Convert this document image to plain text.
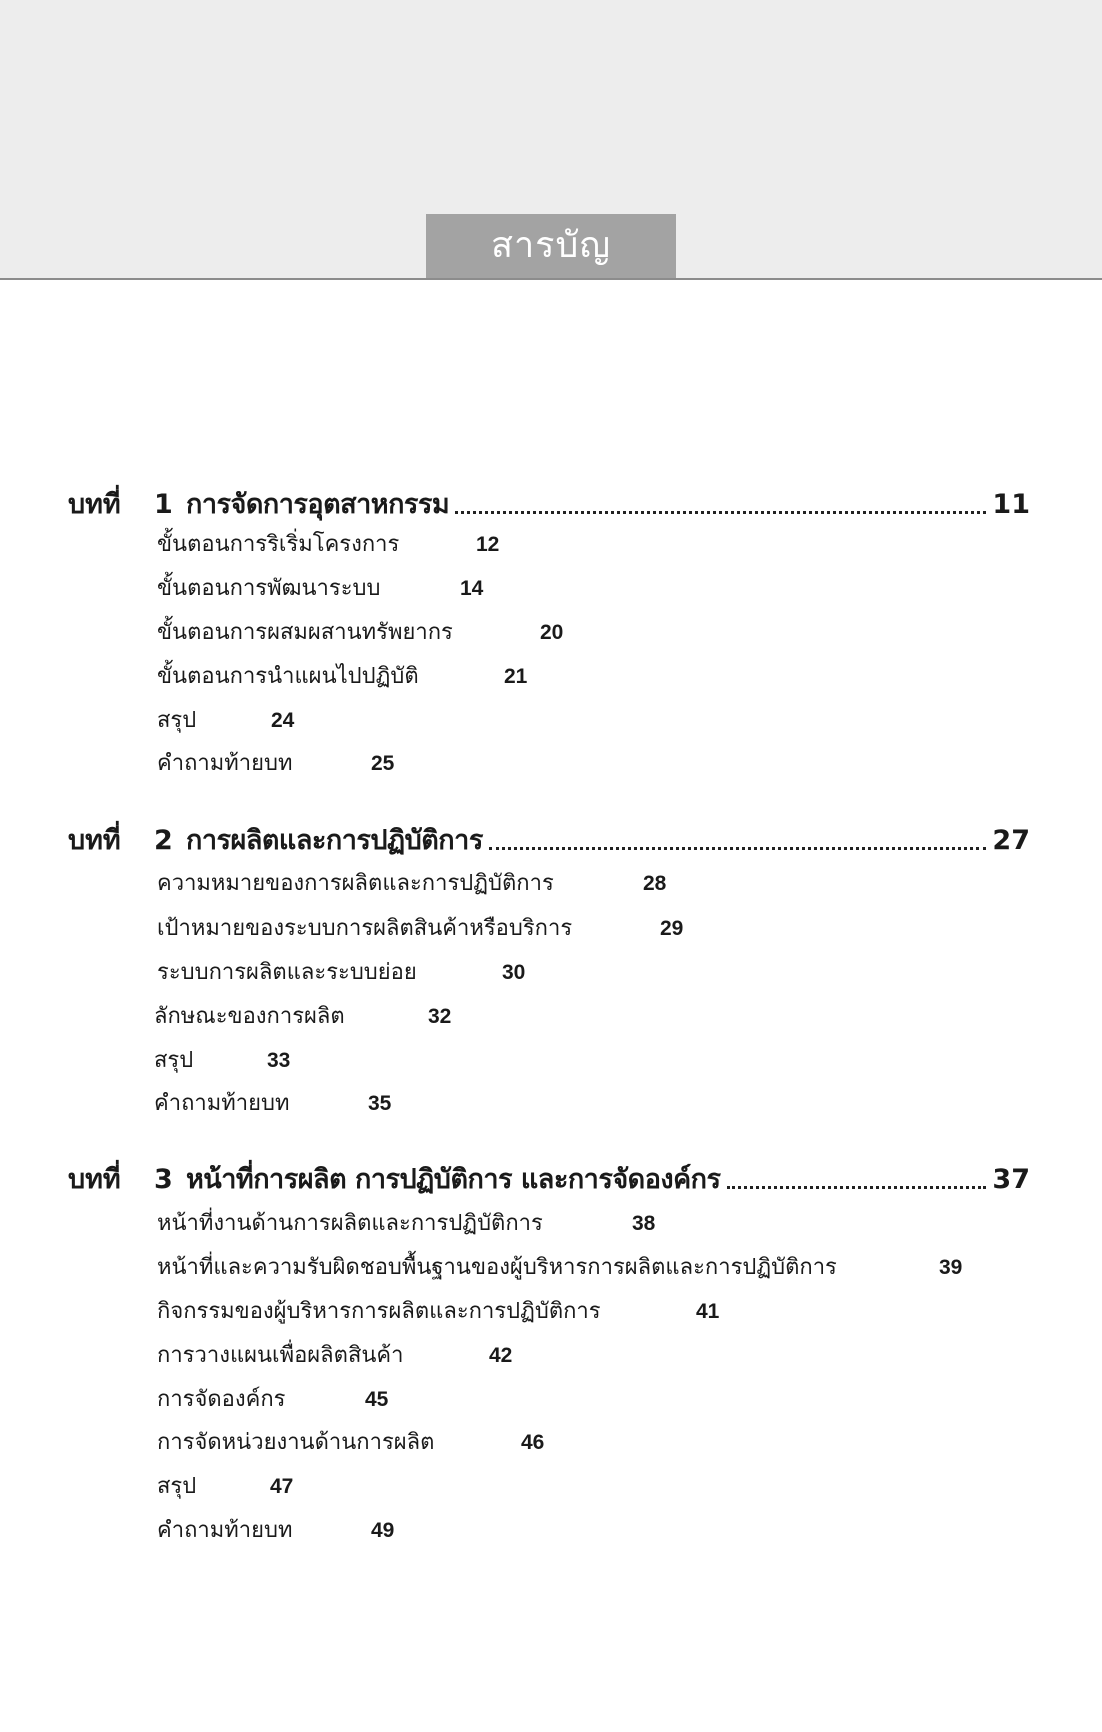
สารบัญ
บทที่	1 การจัดการอุตสาหกรรม	11
ขั้นตอนการริเริ่มโครงการ	12
ขั้นตอนการพัฒนาระบบ	14
ขั้นตอนการผสมผสานทรัพยากร	20
ขั้นตอนการนำแผนไปปฏิบัติ	21
สรุป	24
คำถามท้ายบท	25
บทที่	2 การผลิตและการปฏิบัติการ	27
ความหมายของการผลิตและการปฏิบัติการ	28
เป้าหมายของระบบการผลิตสินค้าหรือบริการ	29
ระบบการผลิตและระบบย่อย	30
ลักษณะของการผลิต	32
สรุป	33
คำถามท้ายบท	35
บทที่	3 หน้าที่การผลิต การปฏิบัติการ และการจัดองค์กร	37
หน้าที่งานด้านการผลิตและการปฏิบัติการ	38
หน้าที่และความรับผิดชอบพื้นฐานของผู้บริหารการผลิตและการปฏิบัติการ	39
กิจกรรมของผู้บริหารการผลิตและการปฏิบัติการ	41
การวางแผนเพื่อผลิตสินค้า	42
การจัดองค์กร	45
การจัดหน่วยงานด้านการผลิต	46
สรุป	47
คำถามท้ายบท	49
